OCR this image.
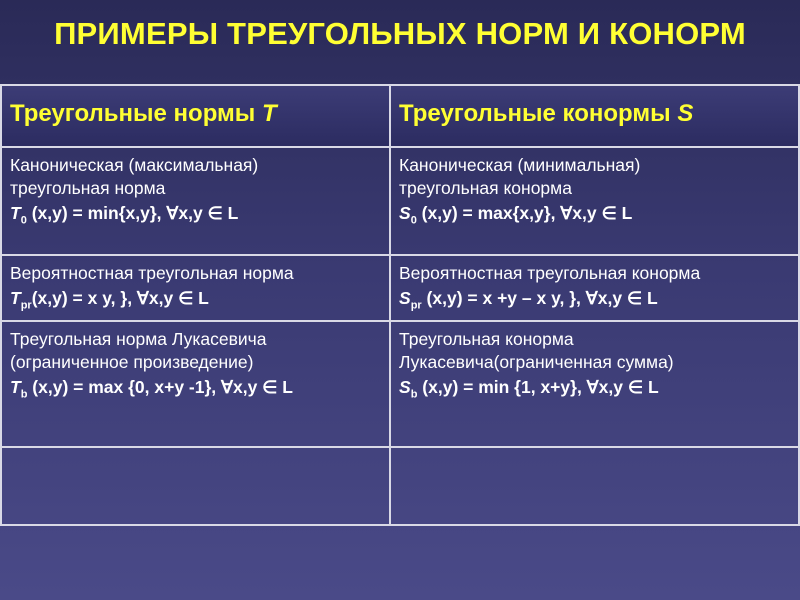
ПРИМЕРЫ ТРЕУГОЛЬНЫХ НОРМ И КОНОРМ
Треугольные нормы T	Треугольные конормы S
Каноническая (максимальная)
треугольная норма
$T_0$ (x,y) = min{x,y}, ∀x,y ∈ L
Каноническая (минимальная)
треугольная конорма
$S_0$ (x,y) = max{x,y}, ∀x,y ∈ L
Вероятностная треугольная норма
$T_{pr}(x,y) = x$ y, }, ∀x,y ∈ L
Вероятностная треугольная конорма
$S_{pr}$ (x,y) = x +y – x y, }, ∀x,y ∈ L
Треугольная норма Лукасевича
(ограниченное произведение)
$T_b$ (x,y) = max {0, x+y -1}, ∀x,y ∈ L
Треугольная конорма
Лукасевича(ограниченная сумма)
$S_b$ (x,y) = min {1, x+y}, ∀x,y ∈ L
